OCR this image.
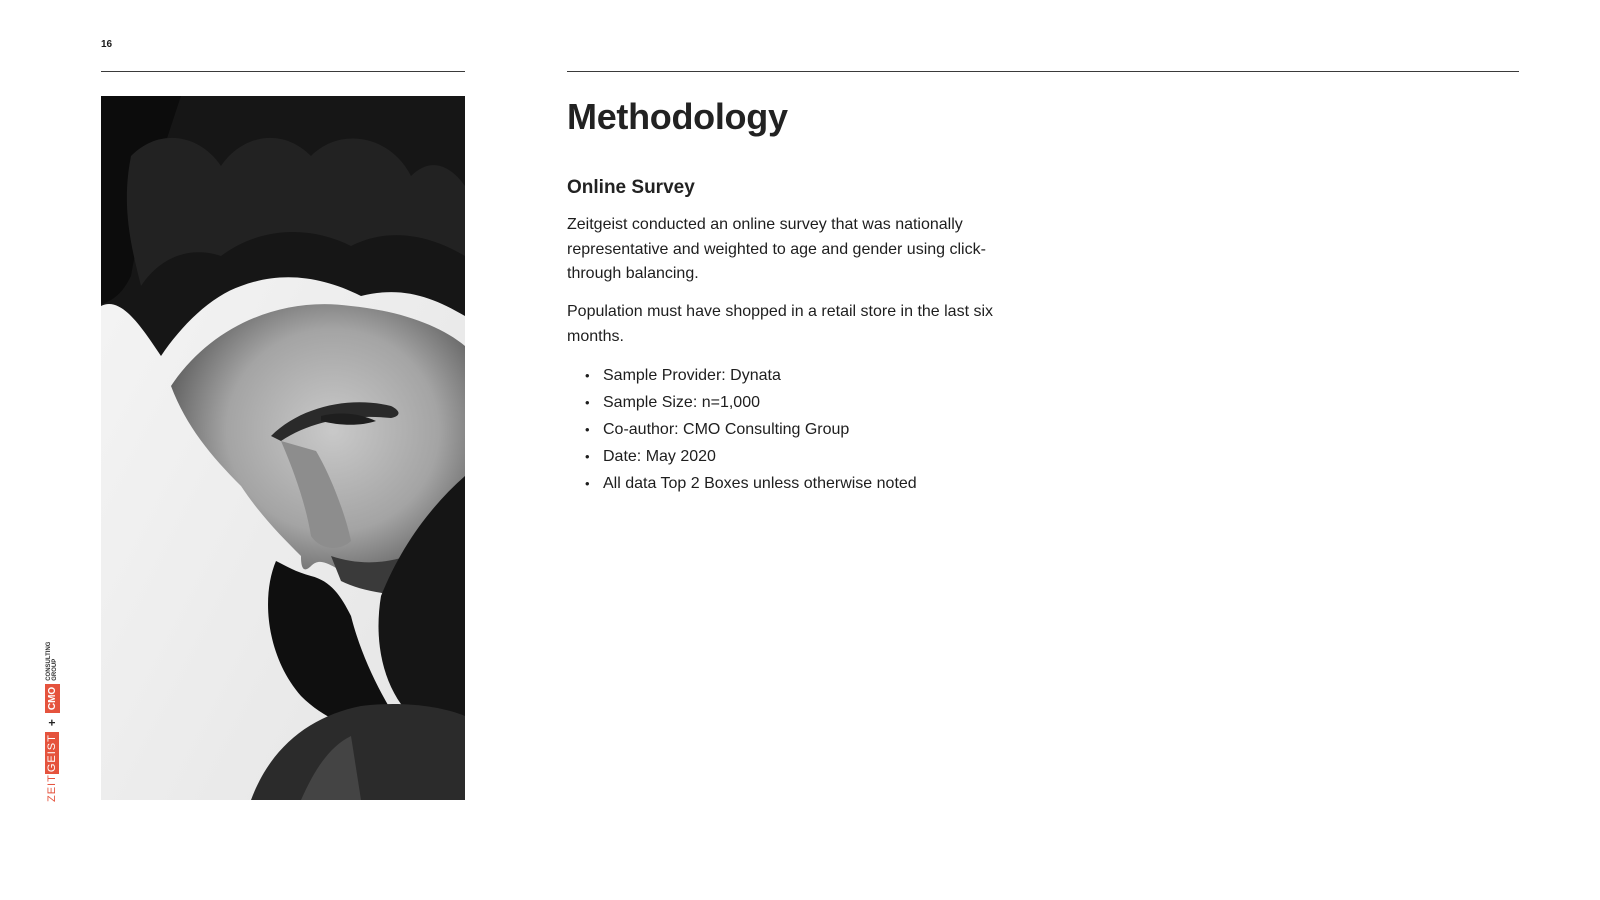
16
Methodology
Online Survey

Zeitgeist conducted an online survey that was nationally representative and weighted to age and gender using click-through balancing.

Population must have shopped in a retail store in the last six months.

• Sample Provider: Dynata
• Sample Size: n=1,000
• Co-author: CMO Consulting Group
• Date: May 2020
• All data Top 2 Boxes unless otherwise noted
ZEIT
GEIST
+
CMO
CONSULTING GROUP
